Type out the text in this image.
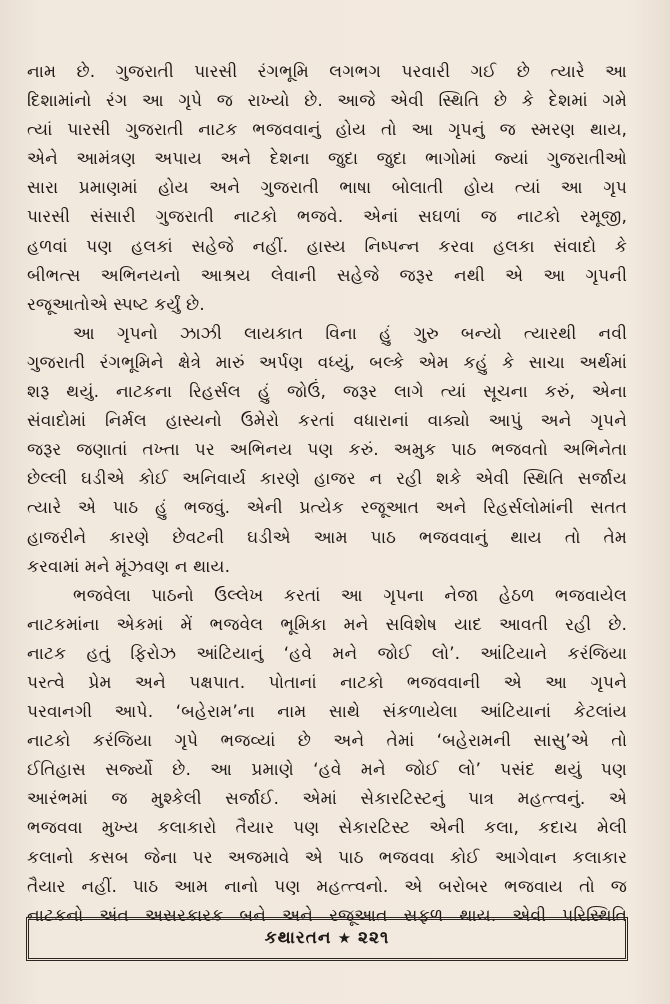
નામ છે. ગુજરાતી પારસી રંગભૂમિ લગભગ પરવારી ગઈ છે ત્યારે આ
દિશામાંનો રંગ આ ગૃપે જ રાખ્યો છે. આજે એવી સ્થિતિ છે કે દેશમાં ગમે
ત્યાં પારસી ગુજરાતી નાટક ભજવવાનું હોય તો આ ગૃપનું જ સ્મરણ થાય,
એને આમંત્રણ અપાય અને દેશના જુદા જુદા ભાગોમાં જ્યાં ગુજરાતીઓ
સારા પ્રમાણમાં હોય અને ગુજરાતી ભાષા બોલાતી હોય ત્યાં આ ગૃપ
પારસી સંસારી ગુજરાતી નાટકો ભજવે. એનાં સઘળાં જ નાટકો રમૂજી,
હળવાં પણ હલકાં સહેજે નહીં. હાસ્ય નિષ્પન્ન કરવા હલકા સંવાદો કે
બીભત્સ અભિનયનો આશ્રય લેવાની સહેજે જરૂર નથી એ આ ગૃપની
રજૂઆતોએ સ્પષ્ટ કર્યું છે.
આ ગૃપનો ઝાઝી લાયકાત વિના હું ગુરુ બન્યો ત્યારથી નવી
ગુજરાતી રંગભૂમિને ક્ષેત્રે મારું અર્પણ વધ્યું, બલ્કે એમ કહું કે સાચા અર્થમાં
શરૂ થયું. નાટકના રિહર્સલ હું જોઉં, જરૂર લાગે ત્યાં સૂચના કરું, એના
સંવાદોમાં નિર્મલ હાસ્યનો ઉમેરો કરતાં વધારાનાં વાક્યો આપું અને ગૃપને
જરૂર જણાતાં તખ્તા પર અભિનય પણ કરું. અમુક પાઠ ભજવતો અભિનેતા
છેલ્લી ઘડીએ કોઈ અનિવાર્ય કારણે હાજર ન રહી શકે એવી સ્થિતિ સર્જાય
ત્યારે એ પાઠ હું ભજવું. એની પ્રત્યેક રજૂઆત અને રિહર્સલોમાંની સતત
હાજરીને કારણે છેવટની ઘડીએ આમ પાઠ ભજવવાનું થાય તો તેમ
કરવામાં મને મૂંઝવણ ન થાય.
ભજવેલા પાઠનો ઉલ્લેખ કરતાં આ ગૃપના નેજા હેઠળ ભજવાયેલ
નાટકમાંના એકમાં મેં ભજવેલ ભૂમિકા મને સવિશેષ યાદ આવતી રહી છે.
નાટક હતું ફિરોઝ આંટિયાનું ‘હવે મને જોઈ લો’. આંટિયાને કરંજિયા
પરત્વે પ્રેમ અને પક્ષપાત. પોતાનાં નાટકો ભજવવાની એ આ ગૃપને
પરવાનગી આપે. ‘બહેરામ’ના નામ સાથે સંકળાયેલા આંટિયાનાં કેટલાંય
નાટકો કરંજિયા ગૃપે ભજવ્યાં છે અને તેમાં ‘બહેરામની સાસુ’એ તો
ઈતિહાસ સર્જ્યો છે. આ પ્રમાણે ‘હવે મને જોઈ લો’ પસંદ થયું પણ
આરંભમાં જ મુશ્કેલી સર્જાઈ. એમાં સેકારટિસ્ટનું પાત્ર મહત્ત્વનું. એ
ભજવવા મુખ્ય કલાકારો તૈયાર પણ સેકારટિસ્ટ એની કલા, કદાચ મેલી
કલાનો કસબ જેના પર અજમાવે એ પાઠ ભજવવા કોઈ આગેવાન કલાકાર
તૈયાર નહીં. પાઠ આમ નાનો પણ મહત્ત્વનો. એ બરોબર ભજવાય તો જ
નાટકનો અંત અસરકારક બને અને રજૂઆત સફળ થાય. એવી પરિસ્થિતિ
કથારતન ★ ૨૨૧
